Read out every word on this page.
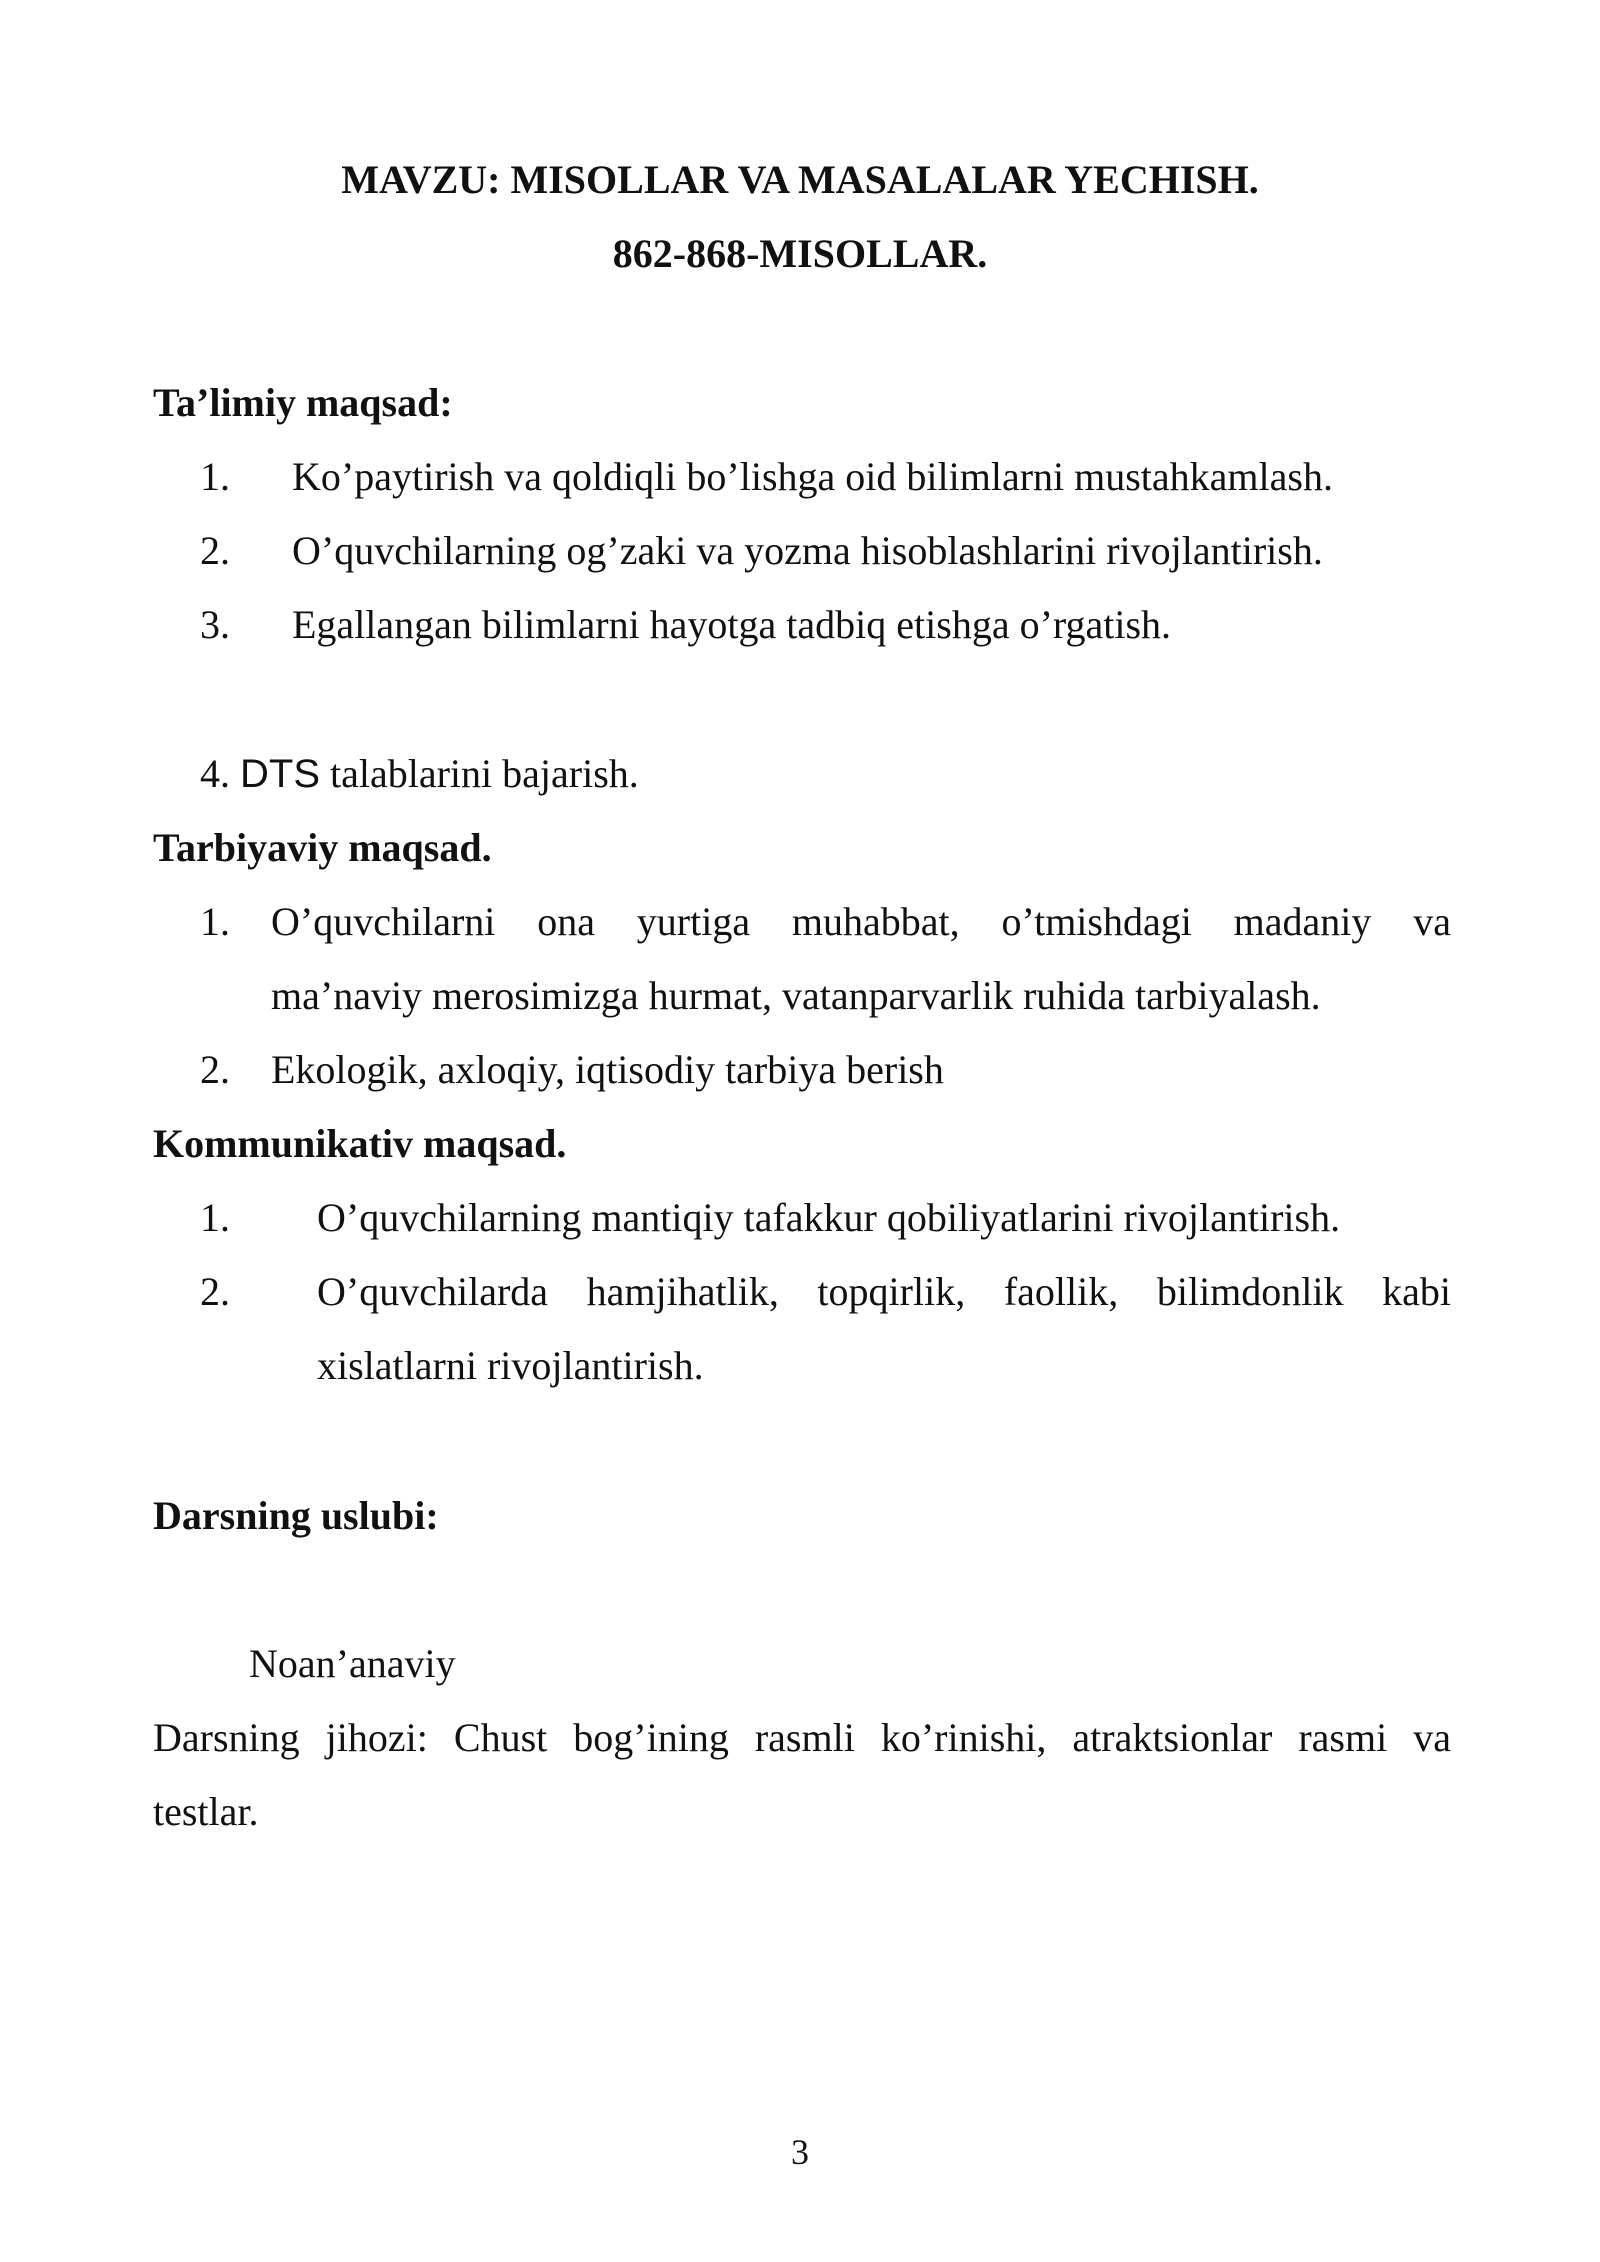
MAVZU: MISOLLAR VA MASALALAR YECHISH.
862-868-MISOLLAR.
Ta’limiy maqsad:
1. Ko’paytirish va qoldiqli bo’lishga oid bilimlarni mustahkamlash.
2. O’quvchilarning og’zaki va yozma hisoblashlarini rivojlantirish.
3. Egallangan bilimlarni hayotga tadbiq etishga o’rgatish.
4. DTS talablarini bajarish.
Tarbiyaviy maqsad.
1. O’quvchilarni ona yurtiga muhabbat, o’tmishdagi madaniy va
ma’naviy merosimizga hurmat, vatanparvarlik ruhida tarbiyalash.
2. Ekologik, axloqiy, iqtisodiy tarbiya berish
Kommunikativ maqsad.
1. O’quvchilarning mantiqiy tafakkur qobiliyatlarini rivojlantirish.
2. O’quvchilarda hamjihatlik, topqirlik, faollik, bilimdonlik kabi
xislatlarni rivojlantirish.
Darsning uslubi:
Noan’anaviy
Darsning jihozi: Chust bog’ining rasmli ko’rinishi, atraktsionlar rasmi va
testlar.
3
